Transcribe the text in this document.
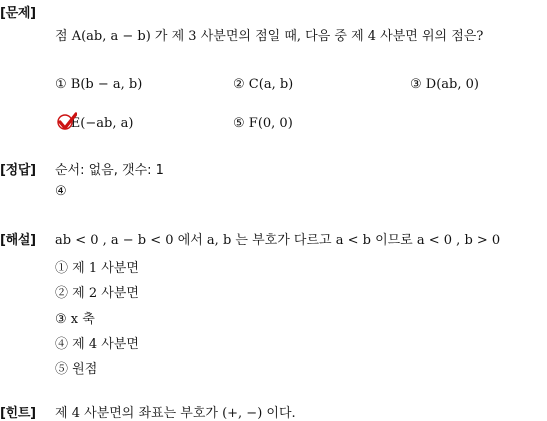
[문제]
점 A(ab, a − b) 가 제 3 사분면의 점일 때, 다음 중 제 4 사분면 위의 점은?
① B(b − a, b)	② C(a, b)	③ D(ab, 0)
E(−ab, a)	⑤ F(0, 0)
[정답] 순서: 없음, 갯수: 1
④
[해설] ab < 0 , a − b < 0 에서 a, b 는 부호가 다르고 a < b 이므로 a < 0 , b > 0
① 제 1 사분면
② 제 2 사분면
③ x 축
④ 제 4 사분면
⑤ 원점
[힌트] 제 4 사분면의 좌표는 부호가 (+, −) 이다.
